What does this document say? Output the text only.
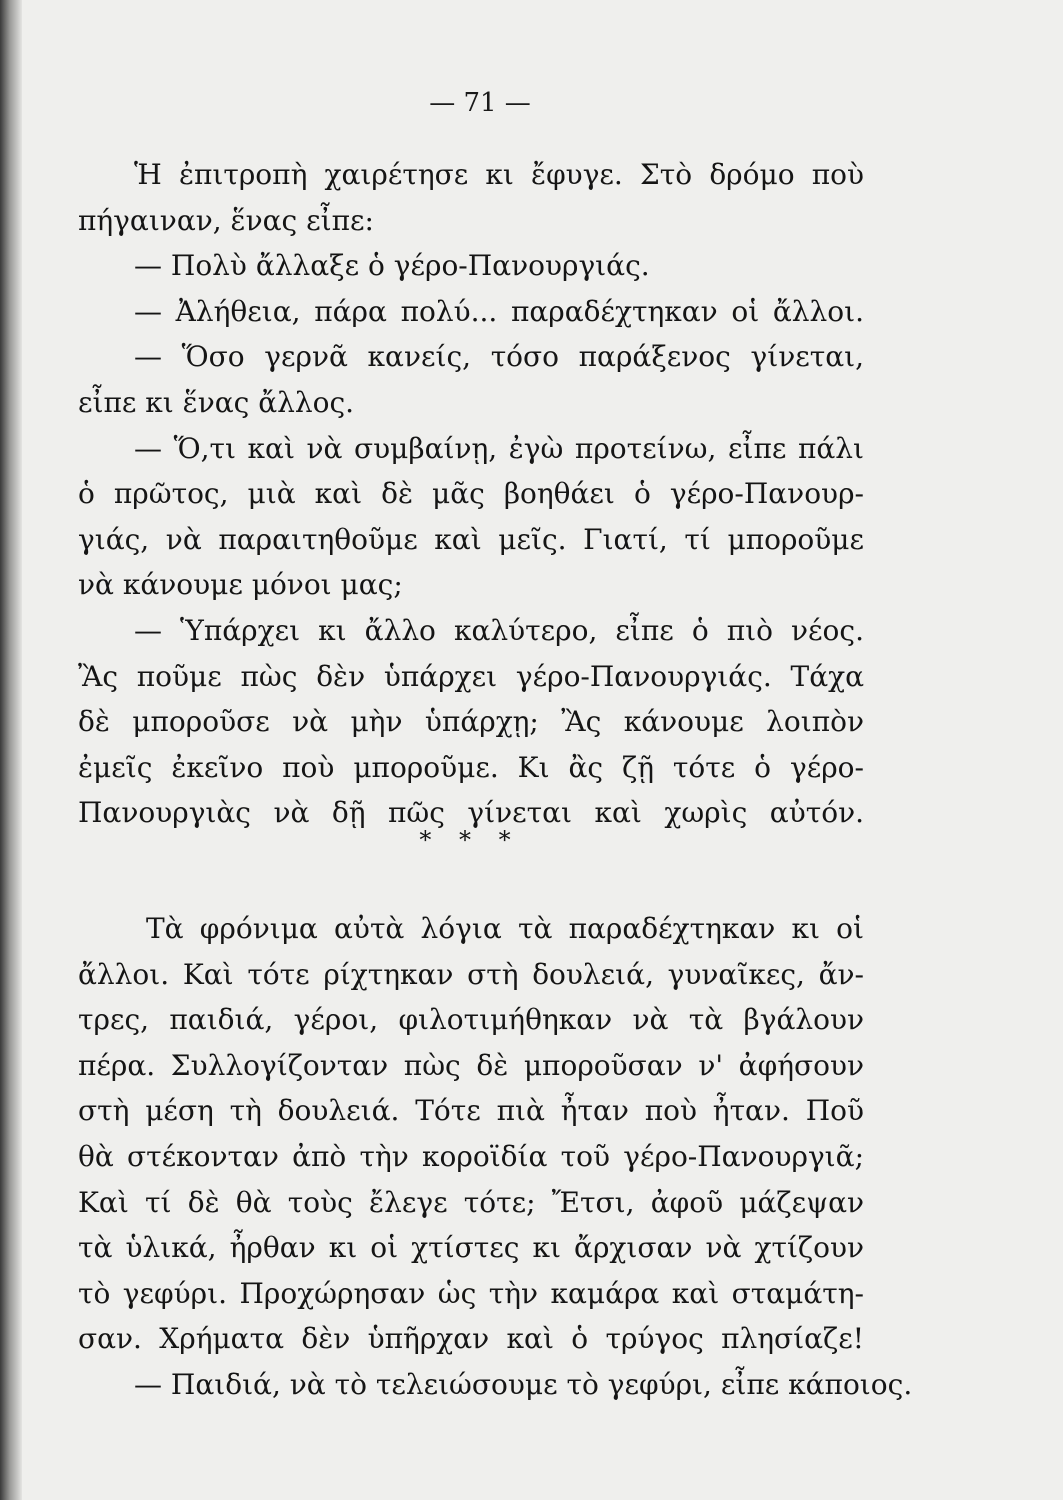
— 71 —
Ἡ ἐπιτροπὴ χαιρέτησε κι ἔφυγε. Στὸ δρόμο ποὺ
πήγαιναν, ἕνας εἶπε:
— Πολὺ ἄλλαξε ὁ γέρο-Πανουργιάς.
— Ἀλήθεια, πάρα πολύ... παραδέχτηκαν οἱ ἄλλοι.
— Ὅσο γερνᾶ κανείς, τόσο παράξενος γίνεται,
εἶπε κι ἕνας ἄλλος.
— Ὅ,τι καὶ νὰ συμβαίνῃ, ἐγὼ προτείνω, εἶπε πάλι
ὁ πρῶτος, μιὰ καὶ δὲ μᾶς βοηθάει ὁ γέρο-Πανουρ-
γιάς, νὰ παραιτηθοῦμε καὶ μεῖς. Γιατί, τί μποροῦμε
νὰ κάνουμε μόνοι μας;
— Ὑπάρχει κι ἄλλο καλύτερο, εἶπε ὁ πιὸ νέος.
Ἂς ποῦμε πὼς δὲν ὑπάρχει γέρο-Πανουργιάς. Τάχα
δὲ μποροῦσε νὰ μὴν ὑπάρχῃ; Ἂς κάνουμε λοιπὸν
ἐμεῖς ἐκεῖνο ποὺ μποροῦμε. Κι ἂς ζῇ τότε ὁ γέρο-
Πανουργιὰς νὰ δῇ πῶς γίνεται καὶ χωρὶς αὐτόν.
* * *
Τὰ φρόνιμα αὐτὰ λόγια τὰ παραδέχτηκαν κι οἱ
ἄλλοι. Καὶ τότε ρίχτηκαν στὴ δουλειά, γυναῖκες, ἄν-
τρες, παιδιά, γέροι, φιλοτιμήθηκαν νὰ τὰ βγάλουν
πέρα. Συλλογίζονταν πὼς δὲ μποροῦσαν ν' ἀφήσουν
στὴ μέση τὴ δουλειά. Τότε πιὰ ἦταν ποὺ ἦταν. Ποῦ
θὰ στέκονταν ἀπὸ τὴν κοροϊδία τοῦ γέρο-Πανουργιᾶ;
Καὶ τί δὲ θὰ τοὺς ἔλεγε τότε; Ἔτσι, ἀφοῦ μάζεψαν
τὰ ὑλικά, ἦρθαν κι οἱ χτίστες κι ἄρχισαν νὰ χτίζουν
τὸ γεφύρι. Προχώρησαν ὡς τὴν καμάρα καὶ σταμάτη-
σαν. Χρήματα δὲν ὑπῆρχαν καὶ ὁ τρύγος πλησίαζε!
— Παιδιά, νὰ τὸ τελειώσουμε τὸ γεφύρι, εἶπε κάποιος.
